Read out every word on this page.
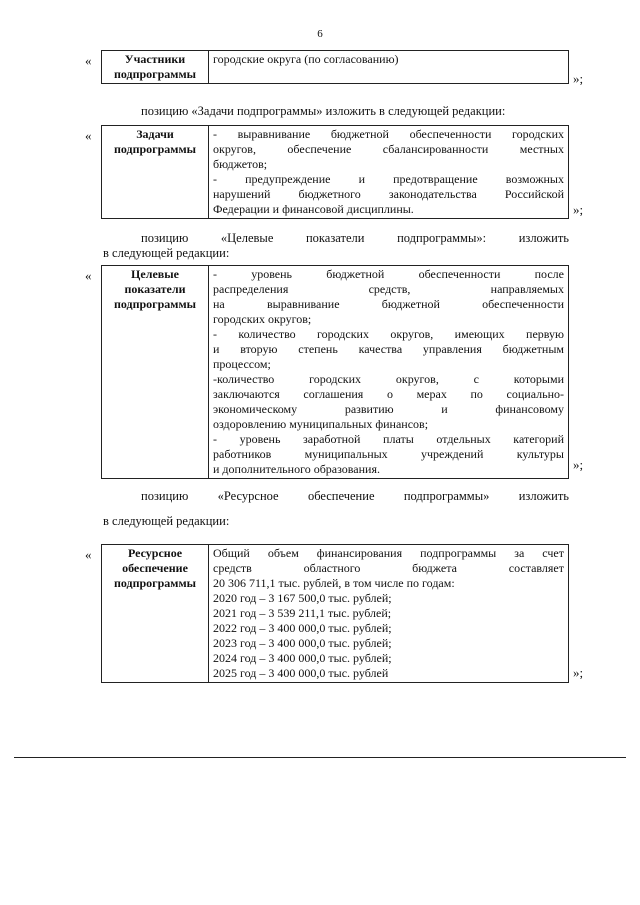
6
«	Участники
подпрограммы

городские округа (по согласованию)
»;
позицию «Задачи подпрограммы» изложить в следующей редакции:
«	Задачи
подпрограммы

- выравнивание бюджетной обеспеченности городских
округов, обеспечение сбалансированности местных
бюджетов;
- предупреждение и предотвращение возможных
нарушений бюджетного законодательства Российской
Федерации и финансовой дисциплины.	»;
позицию «Целевые показатели подпрограммы»: изложить
в следующей редакции:
«	Целевые
показатели
подпрограммы

- уровень бюджетной обеспеченности после
распределения средств, направляемых
на выравнивание бюджетной обеспеченности
городских округов;
- количество городских округов, имеющих первую
и вторую степень качества управления бюджетным
процессом;
-количество городских округов, с которыми
заключаются соглашения о мерах по социально-
экономическому развитию и финансовому
оздоровлению муниципальных финансов;
- уровень заработной платы отдельных категорий
работников муниципальных учреждений культуры
и дополнительного образования.	»;
позицию «Ресурсное обеспечение подпрограммы» изложить
в следующей редакции:
«	Ресурсное
обеспечение
подпрограммы

Общий объем финансирования подпрограммы за счет
средств областного бюджета составляет
20 306 711,1 тыс. рублей, в том числе по годам:
2020 год – 3 167 500,0 тыс. рублей;
2021 год – 3 539 211,1 тыс. рублей;
2022 год – 3 400 000,0 тыс. рублей;
2023 год – 3 400 000,0 тыс. рублей;
2024 год – 3 400 000,0 тыс. рублей;
2025 год – 3 400 000,0 тыс. рублей	»;
